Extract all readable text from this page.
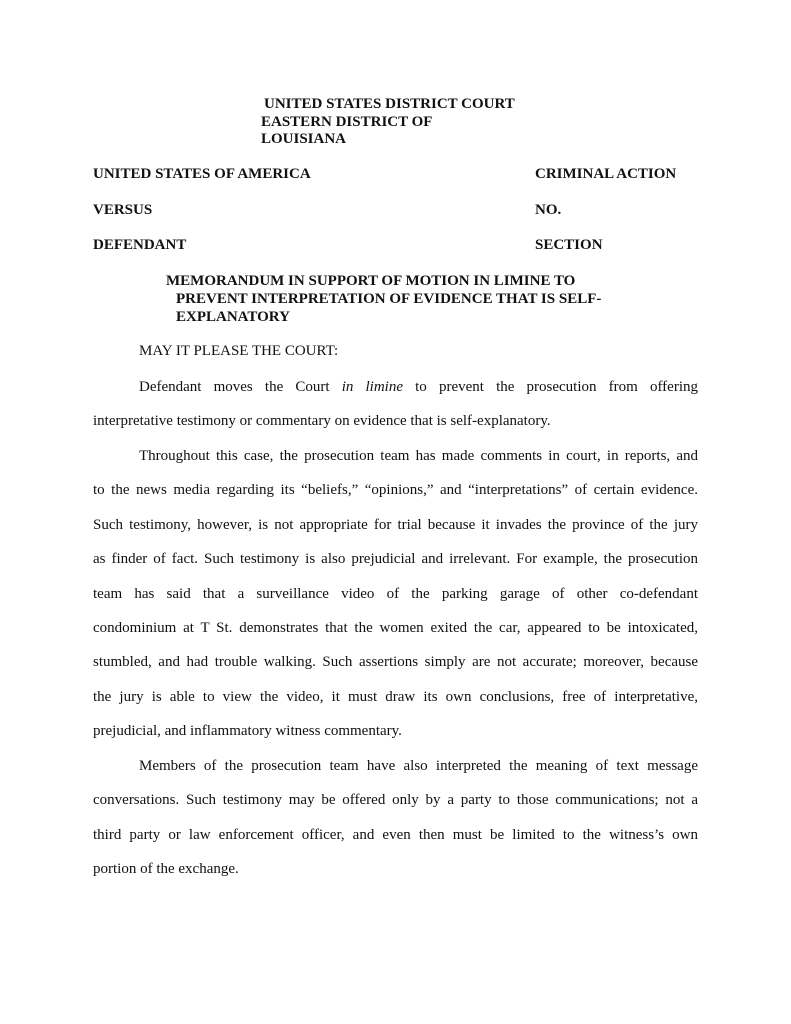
UNITED STATES DISTRICT COURT
EASTERN DISTRICT OF
LOUISIANA
UNITED STATES OF AMERICA	CRIMINAL ACTION
VERSUS	NO.
DEFENDANT	SECTION
MEMORANDUM IN SUPPORT OF MOTION IN LIMINE TO
PREVENT INTERPRETATION OF EVIDENCE THAT IS SELF-
EXPLANATORY
MAY IT PLEASE THE COURT:
Defendant moves the Court in limine to prevent the prosecution from offering
interpretative testimony or commentary on evidence that is self-explanatory.
Throughout this case, the prosecution team has made comments in court, in reports, and
to the news media regarding its “beliefs,” “opinions,” and “interpretations” of certain evidence.
Such testimony, however, is not appropriate for trial because it invades the province of the jury
as finder of fact. Such testimony is also prejudicial and irrelevant. For example, the prosecution
team has said that a surveillance video of the parking garage of other co-defendant
condominium at T St. demonstrates that the women exited the car, appeared to be intoxicated,
stumbled, and had trouble walking. Such assertions simply are not accurate; moreover, because
the jury is able to view the video, it must draw its own conclusions, free of interpretative,
prejudicial, and inflammatory witness commentary.
Members of the prosecution team have also interpreted the meaning of text message
conversations. Such testimony may be offered only by a party to those communications; not a
third party or law enforcement officer, and even then must be limited to the witness’s own
portion of the exchange.
